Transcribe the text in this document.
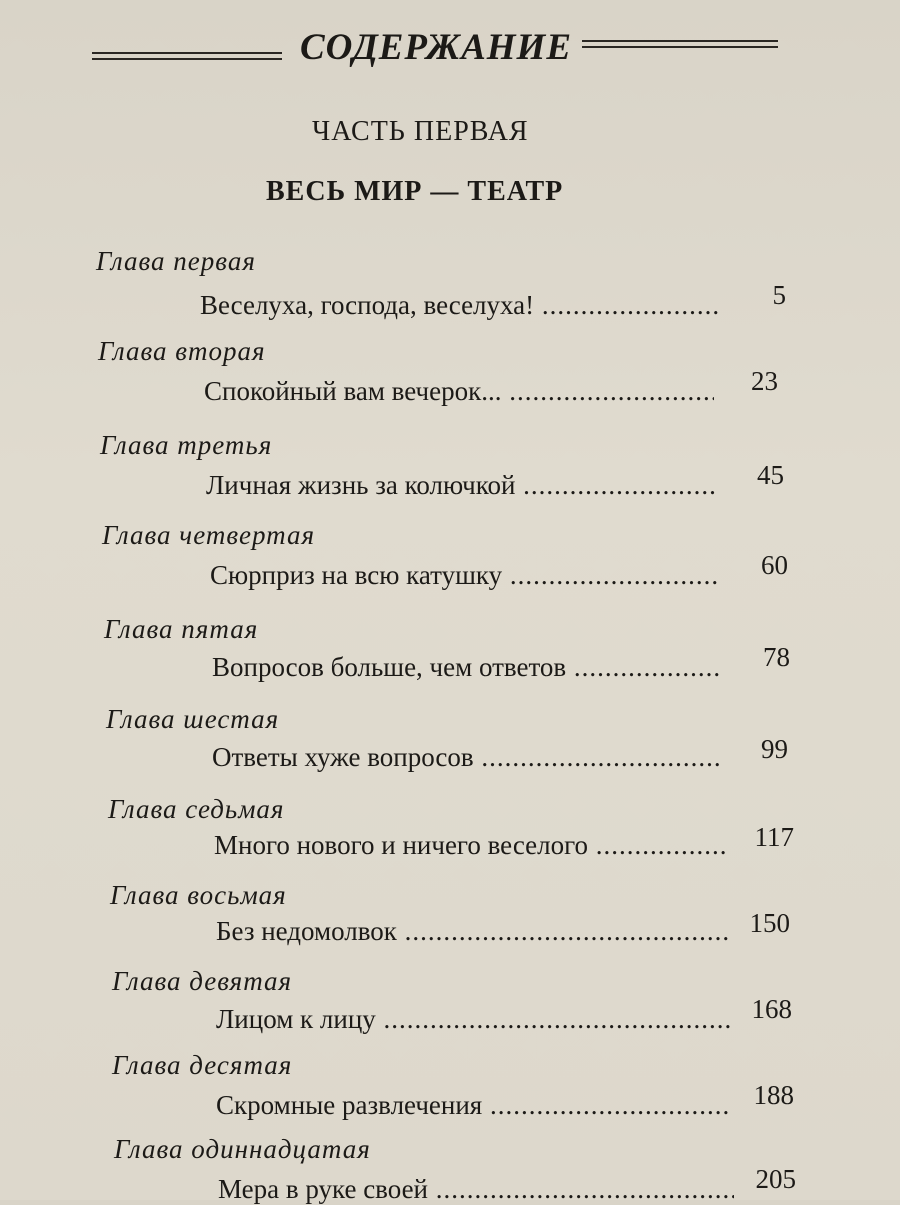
СОДЕРЖАНИЕ
ЧАСТЬ ПЕРВАЯ
ВЕСЬ МИР — ТЕАТР
Глава первая
Веселуха, господа, веселуха! .....	5
Глава вторая
Спокойный вам вечерок... .....	23
Глава третья
Личная жизнь за колючкой .....	45
Глава четвертая
Сюрприз на всю катушку .....	60
Глава пятая
Вопросов больше, чем ответов .....	78
Глава шестая
Ответы хуже вопросов .....	99
Глава седьмая
Много нового и ничего веселого .....	117
Глава восьмая
Без недомолвок .....	150
Глава девятая
Лицом к лицу .....	168
Глава десятая
Скромные развлечения .....	188
Глава одиннадцатая
Мера в руке своей .....	205
